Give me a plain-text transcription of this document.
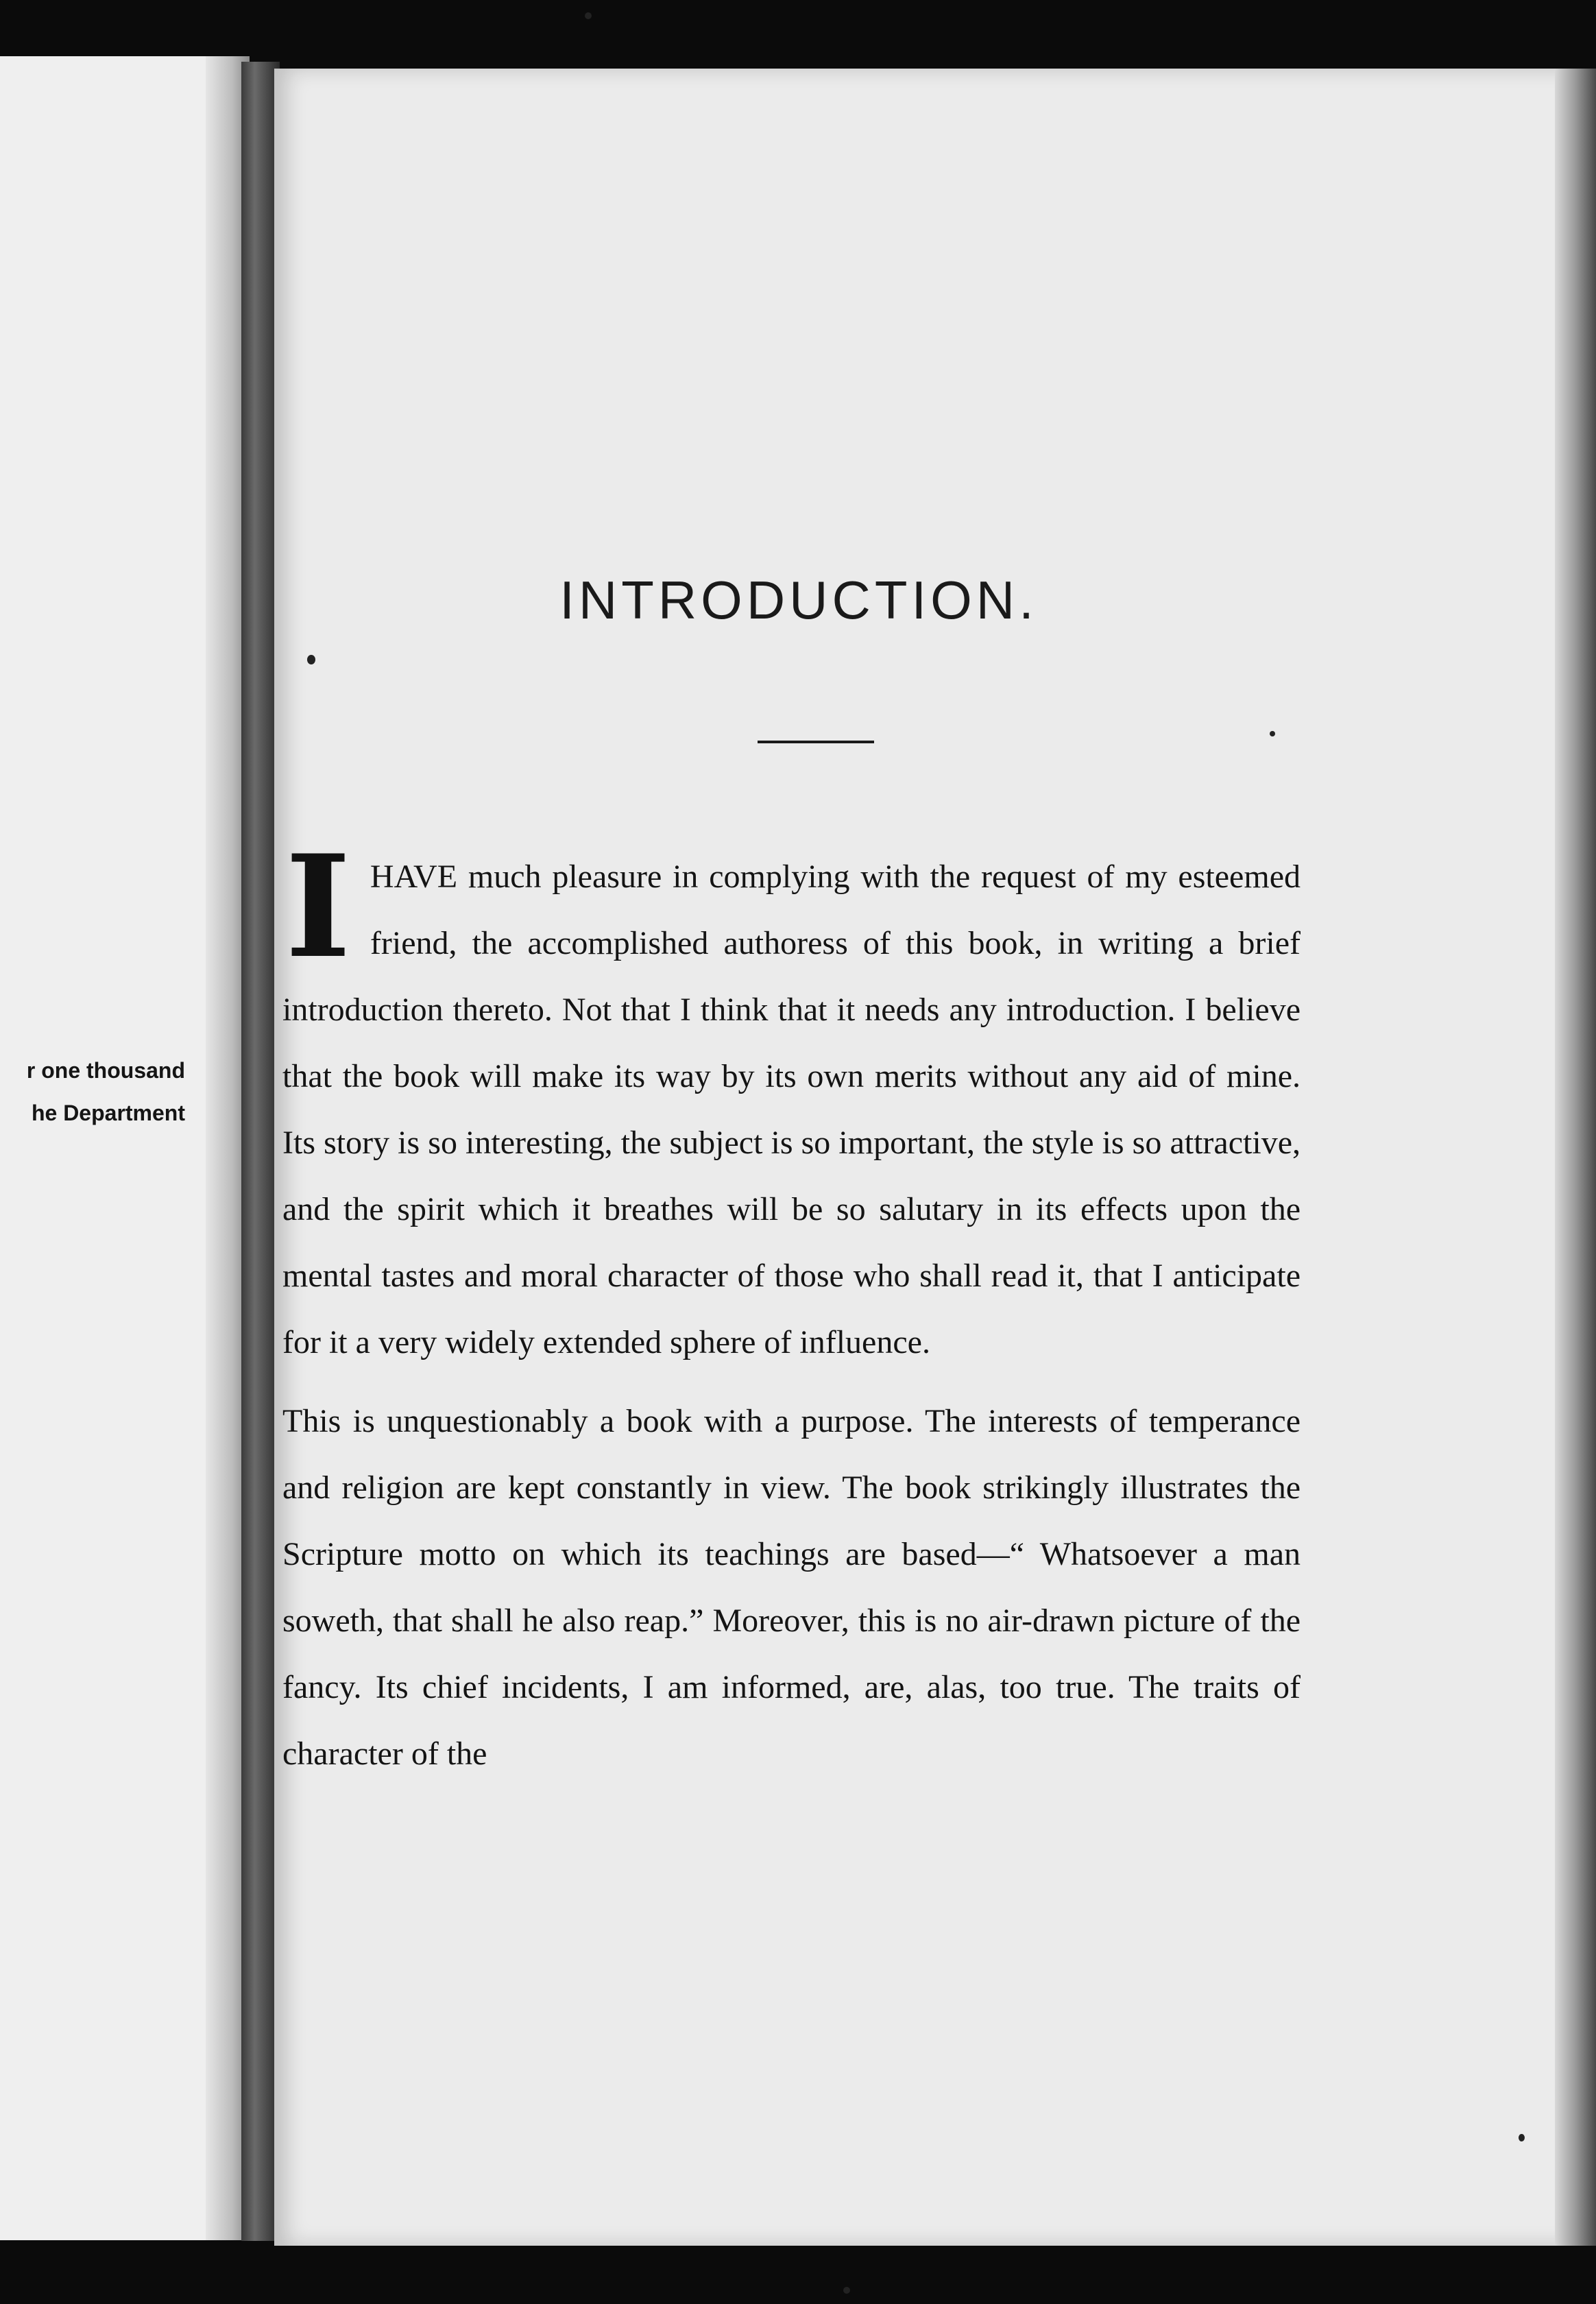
r one thousand
he Department
INTRODUCTION.

I HAVE much pleasure in complying with the request of my esteemed friend, the accomplished authoress of this book, in writing a brief introduction thereto. Not that I think that it needs any introduction. I believe that the book will make its way by its own merits without any aid of mine. Its story is so interesting, the subject is so important, the style is so attractive, and the spirit which it breathes will be so salutary in its effects upon the mental tastes and moral character of those who shall read it, that I anticipate for it a very widely extended sphere of influence.

This is unquestionably a book with a purpose. The interests of temperance and religion are kept constantly in view. The book strikingly illustrates the Scripture motto on which its teachings are based—“ Whatsoever a man soweth, that shall he also reap.” Moreover, this is no air-drawn picture of the fancy. Its chief incidents, I am informed, are, alas, too true. The traits of character of the
